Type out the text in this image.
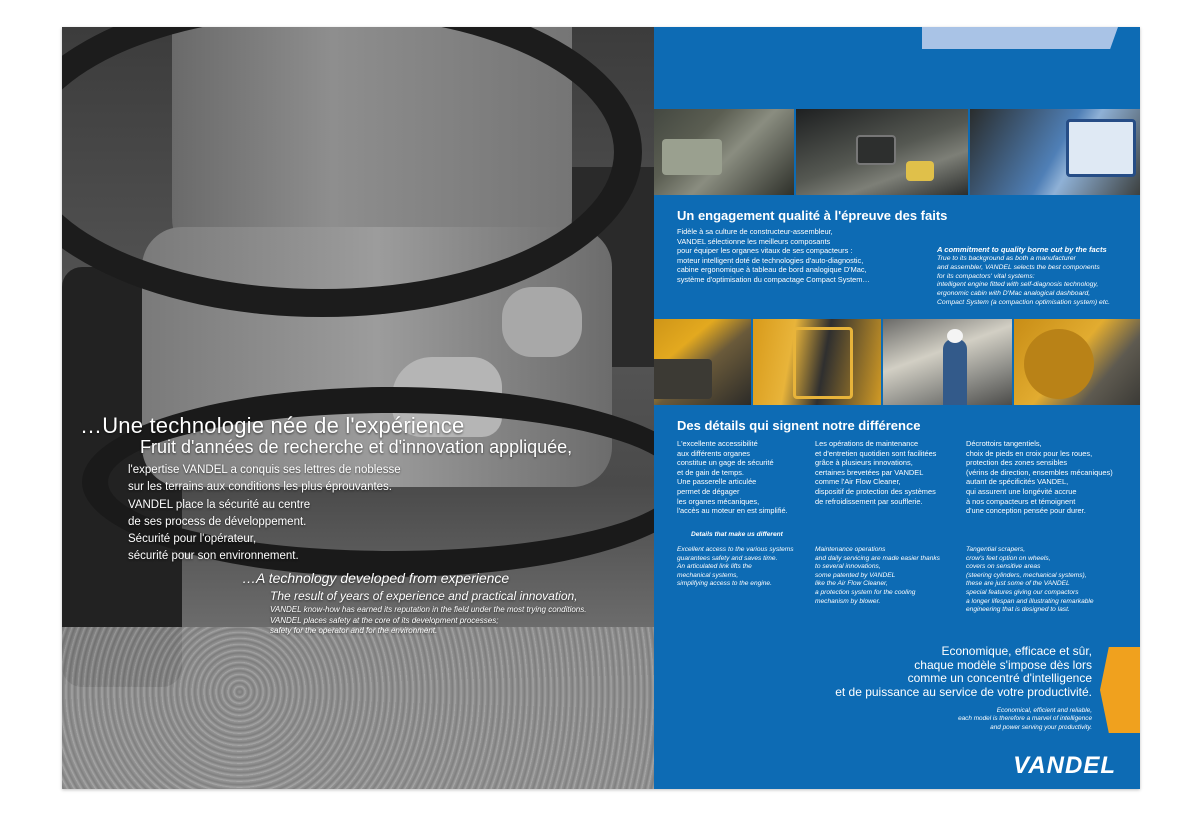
…Une technologie née de l'expérience
Fruit d'années de recherche et d'innovation appliquée,
l'expertise VANDEL a conquis ses lettres de noblesse
sur les terrains aux conditions les plus éprouvantes.
VANDEL place la sécurité au centre
de ses process de développement.
Sécurité pour l'opérateur,
sécurité pour son environnement.
…A technology developed from experience
The result of years of experience and practical innovation,
VANDEL know-how has earned its reputation in the field under the most trying conditions.
VANDEL places safety at the core of its development processes;
safety for the operator and for the environment.
Un engagement qualité à l'épreuve des faits
Fidèle à sa culture de constructeur-assembleur,
VANDEL sélectionne les meilleurs composants
pour équiper les organes vitaux de ses compacteurs :
moteur intelligent doté de technologies d'auto-diagnostic,
cabine ergonomique à tableau de bord analogique D'Mac,
système d'optimisation du compactage Compact System…
A commitment to quality borne out by the facts
True to its background as both a manufacturer
and assembler, VANDEL selects the best components
for its compactors' vital systems:
intelligent engine fitted with self-diagnosis technology,
ergonomic cabin with D'Mac analogical dashboard,
Compact System (a compaction optimisation system) etc.
Des détails qui signent notre différence
L'excellente accessibilité
aux différents organes
constitue un gage de sécurité
et de gain de temps.
Une passerelle articulée
permet de dégager
les organes mécaniques,
l'accès au moteur en est simplifié.
Les opérations de maintenance
et d'entretien quotidien sont facilitées
grâce à plusieurs innovations,
certaines brevetées par VANDEL
comme l'Air Flow Cleaner,
dispositif de protection des systèmes
de refroidissement par soufflerie.
Décrottoirs tangentiels,
choix de pieds en croix pour les roues,
protection des zones sensibles
(vérins de direction, ensembles mécaniques)
autant de spécificités VANDEL,
qui assurent une longévité accrue
à nos compacteurs et témoignent
d'une conception pensée pour durer.
Details that make us different
Excellent access to the various systems
guarantees safety and saves time.
An articulated link lifts the
mechanical systems,
simplifying access to the engine.
Maintenance operations
and daily servicing are made easier thanks
to several innovations,
some patented by VANDEL
like the Air Flow Cleaner,
a protection system for the cooling
mechanism by blower.
Tangential scrapers,
crow's feet option on wheels,
covers on sensitive areas
(steering cylinders, mechanical systems),
these are just some of the VANDEL
special features giving our compactors
a longer lifespan and illustrating remarkable
engineering that is designed to last.
Economique, efficace et sûr,
chaque modèle s'impose dès lors
comme un concentré d'intelligence
et de puissance au service de votre productivité.
Economical, efficient and reliable,
each model is therefore a marvel of intelligence
and power serving your productivity.
VANDEL
